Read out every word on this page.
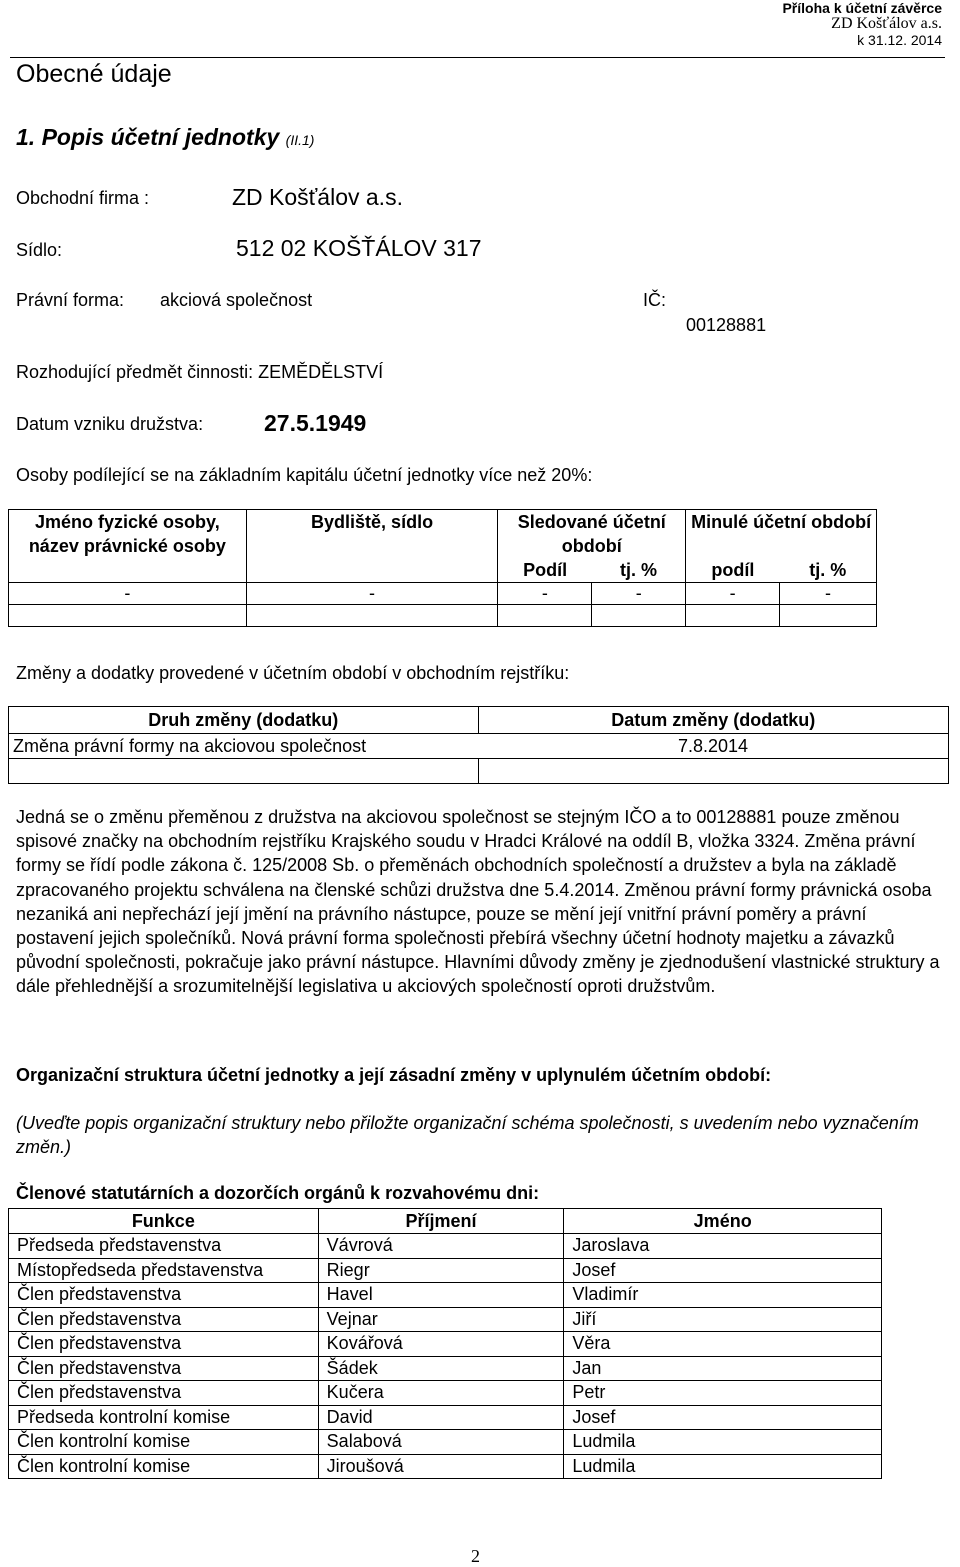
Příloha k účetní závěrce
ZD Košťálov a.s.
k 31.12. 2014
Obecné údaje
1. Popis účetní jednotky (II.1)
Obchodní firma :	ZD Košťálov a.s.
Sídlo:	512 02 KOŠŤÁLOV 317
Právní forma: akciová společnost	IČ:
00128881
Rozhodující předmět činnosti: ZEMĚDĚLSTVÍ
Datum vzniku družstva:	27.5.1949
Osoby podílející se na základním kapitálu účetní jednotky více než 20%:
Jméno fyzické osoby, název právnické osoby	Bydliště, sídlo	Sledované účetní období		Minulé účetní období	
		Podíl	tj. %	podíl	tj. %
-	-	-	-	-	-

Změny a dodatky provedené v účetním období v obchodním rejstříku:
Druh změny (dodatku)	Datum změny (dodatku)
Změna právní formy na akciovou společnost	7.8.2014

Jedná se o změnu přeměnou z družstva na akciovou společnost se stejným IČO a to 00128881 pouze změnou spisové značky na obchodním rejstříku Krajského soudu v Hradci Králové na oddíl B, vložka 3324. Změna právní formy se řídí podle zákona č. 125/2008 Sb. o přeměnách obchodních společností a družstev a byla na základě zpracovaného projektu schválena na členské schůzi družstva dne 5.4.2014. Změnou právní formy právnická osoba nezaniká ani nepřechází její jmění na právního nástupce, pouze se mění její vnitřní právní poměry a právní postavení jejich společníků. Nová právní forma společnosti přebírá všechny účetní hodnoty majetku a závazků původní společnosti, pokračuje jako právní nástupce. Hlavními důvody změny je zjednodušení vlastnické struktury a dále přehlednější a srozumitelnější legislativa u akciových společností oproti družstvům.
Organizační struktura účetní jednotky a její zásadní změny v uplynulém účetním období:
(Uveďte popis organizační struktury nebo přiložte organizační schéma společnosti, s uvedením nebo vyznačením změn.)
Členové statutárních a dozorčích orgánů k rozvahovému dni:
Funkce	Příjmení	Jméno
Předseda představenstva	Vávrová	Jaroslava
Místopředseda představenstva	Riegr	Josef
Člen představenstva	Havel	Vladimír
Člen představenstva	Vejnar	Jiří
Člen představenstva	Kovářová	Věra
Člen představenstva	Šádek	Jan
Člen představenstva	Kučera	Petr
Předseda kontrolní komise	David	Josef
Člen kontrolní komise	Salabová	Ludmila
Člen kontrolní komise	Jiroušová	Ludmila
2
